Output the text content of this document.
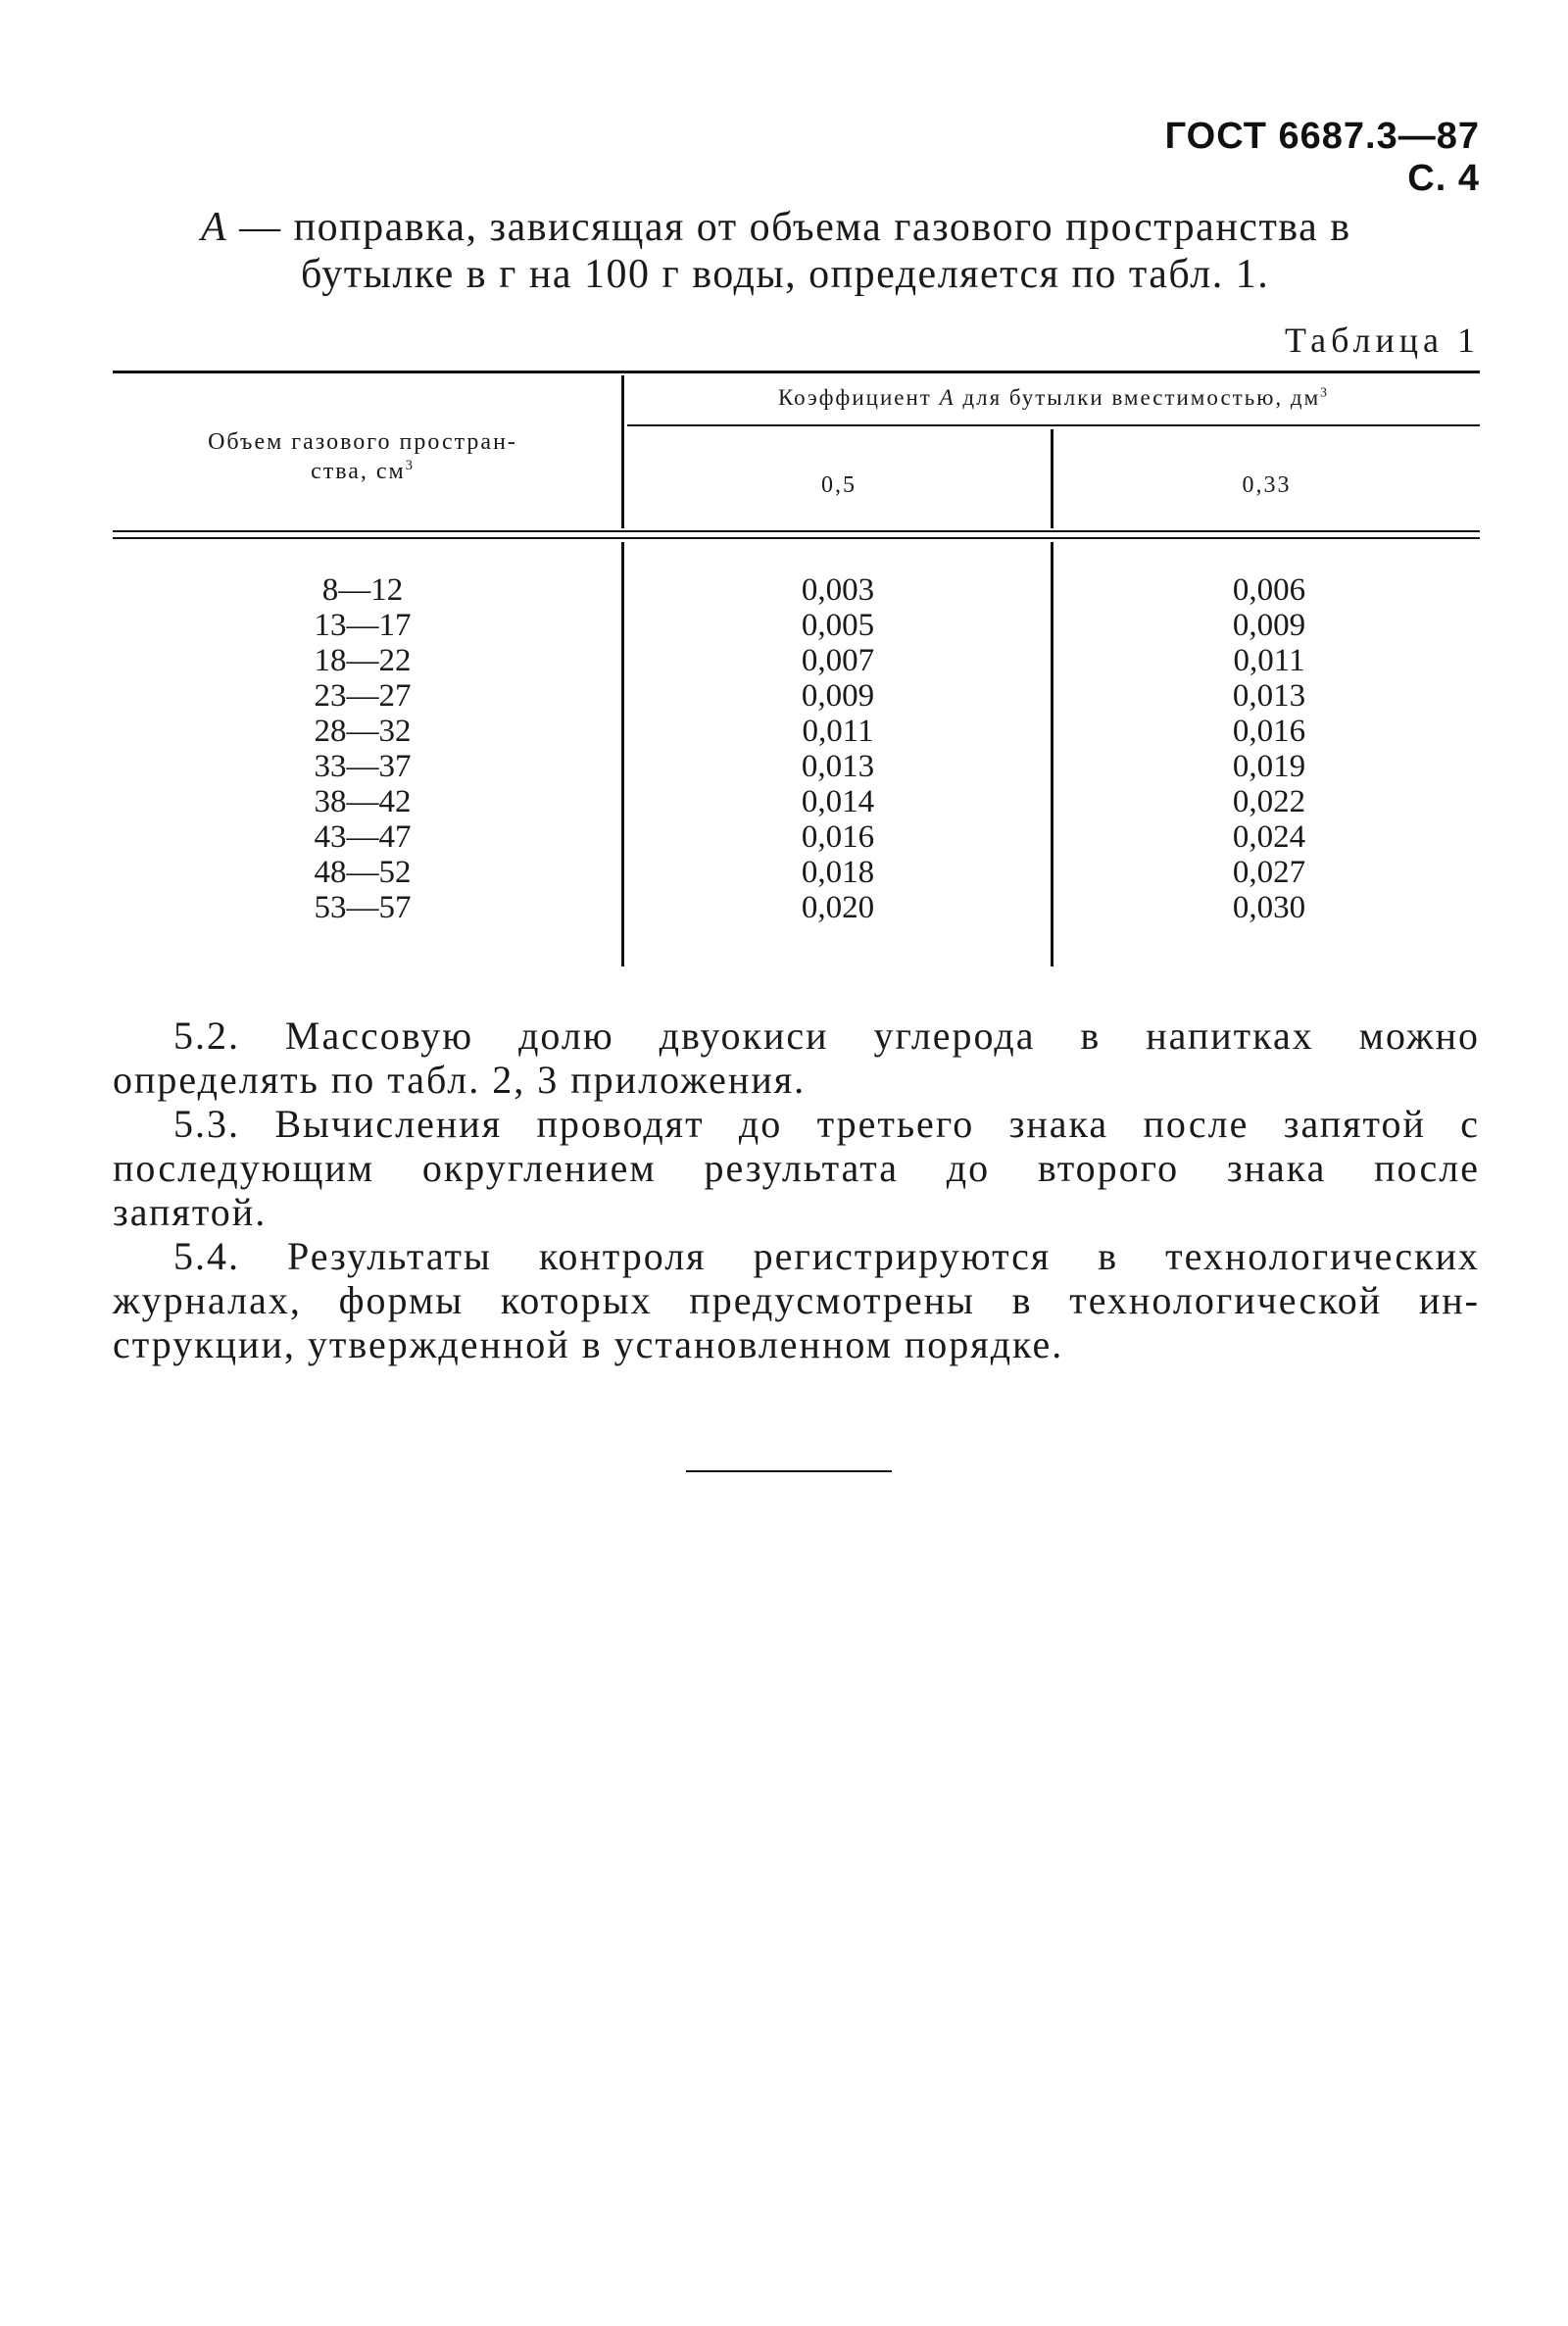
ГОСТ 6687.3—87 С. 4
А — поправка, зависящая от объема газового пространства в
бутылке в г на 100 г воды, определяется по табл. 1.
Таблица 1
Объем газового простран-
ства, $см^3$
Коэффициент А для бутылки вместимостью, $дм^3$
0,5	0,33
8—12
13—17
18—22
23—27
28—32
33—37
38—42
43—47
48—52
53—57
0,003
0,005
0,007
0,009
0,011
0,013
0,014
0,016
0,018
0,020
0,006
0,009
0,011
0,013
0,016
0,019
0,022
0,024
0,027
0,030

5.2. Массовую долю двуокиси углерода в напитках можно

определять по табл. 2, 3 приложения.

5.3. Вычисления проводят до третьего знака после запятой с

последующим округлением результата до второго знака после

запятой.

5.4. Результаты контроля регистрируются в технологических

журналах, формы которых предусмотрены в технологической ин-

струкции, утвержденной в установленном порядке.
